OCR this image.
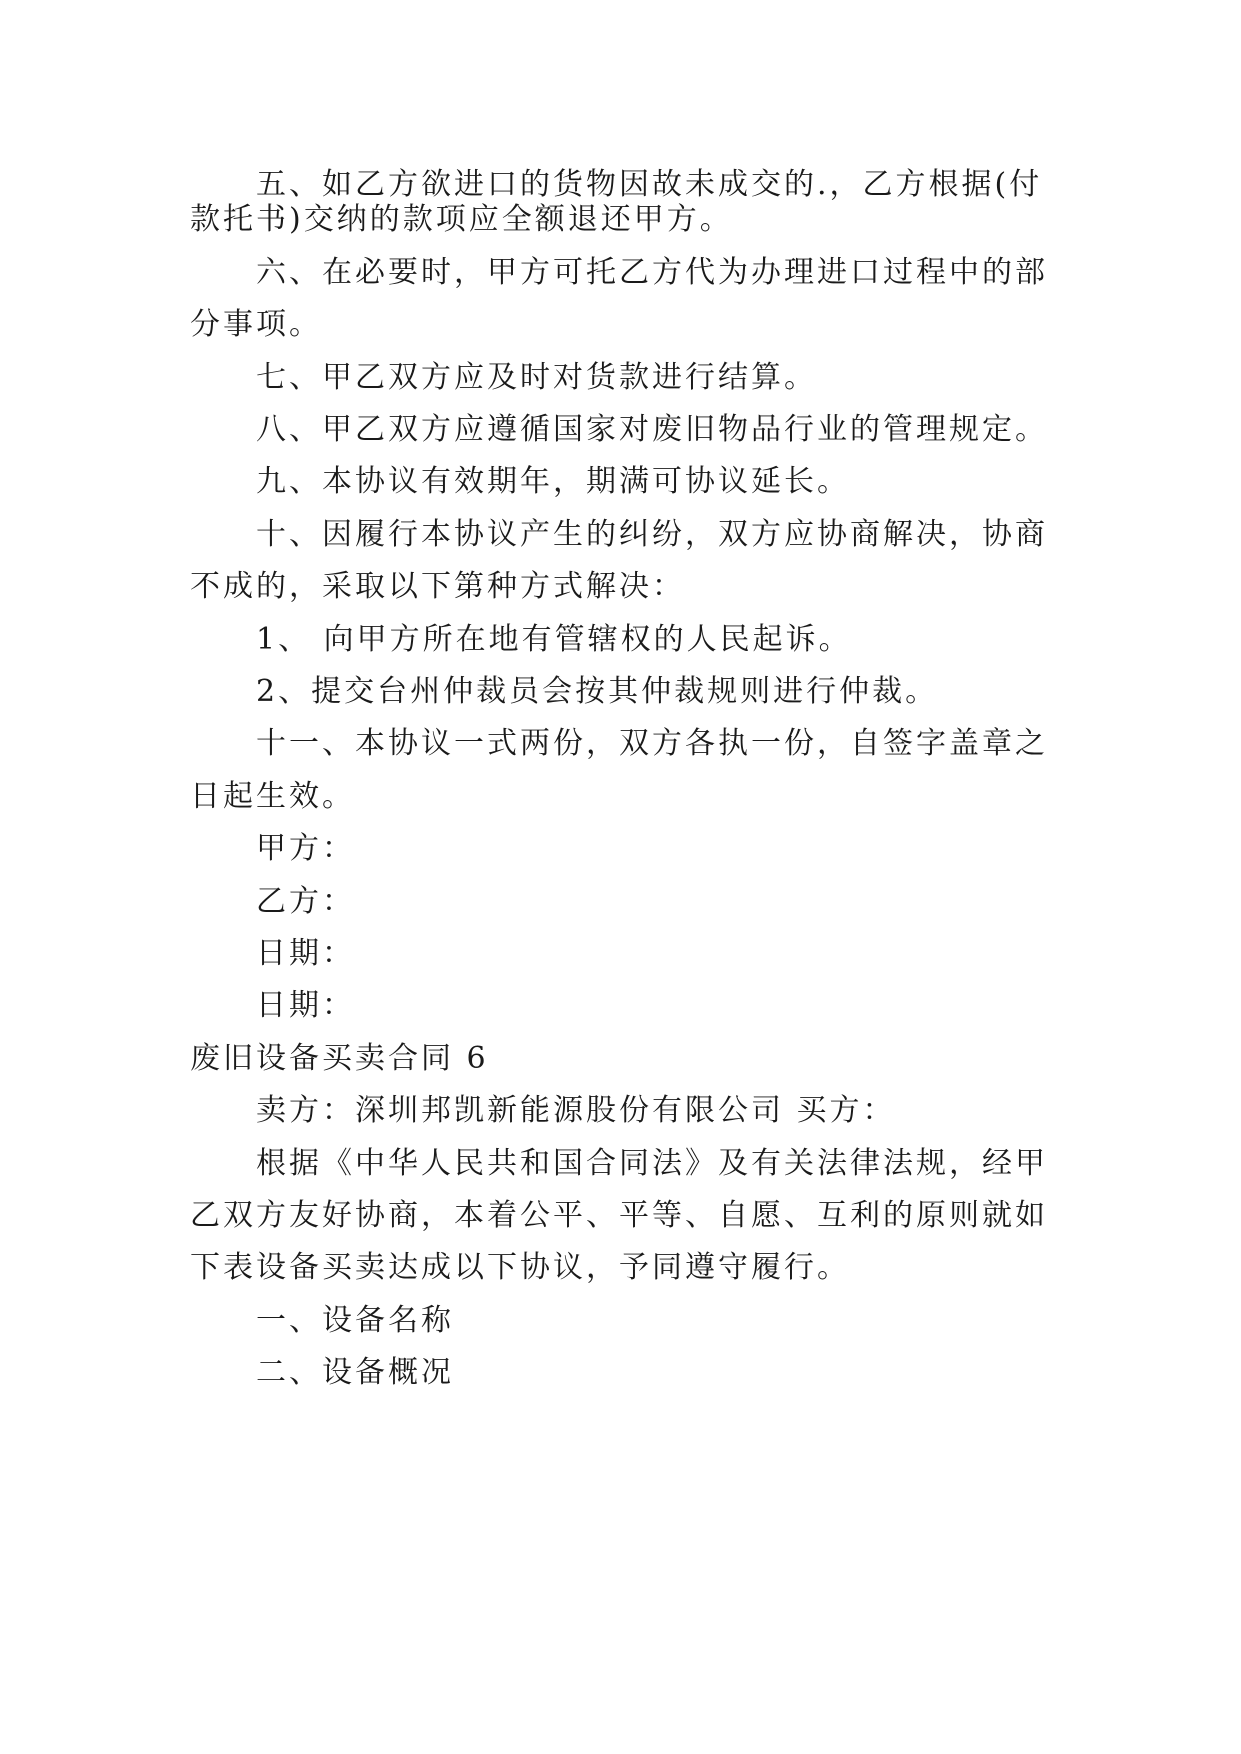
五、如乙方欲进口的货物因故未成交的.，乙方根据(付
款托书)交纳的款项应全额退还甲方。
六、在必要时，甲方可托乙方代为办理进口过程中的部
分事项。
七、甲乙双方应及时对货款进行结算。
八、甲乙双方应遵循国家对废旧物品行业的管理规定。
九、本协议有效期年，期满可协议延长。
十、因履行本协议产生的纠纷，双方应协商解决，协商
不成的，采取以下第种方式解决：
1、 向甲方所在地有管辖权的人民起诉。
2、提交台州仲裁员会按其仲裁规则进行仲裁。
十一、本协议一式两份，双方各执一份，自签字盖章之
日起生效。
甲方：
乙方：
日期：
日期：
废旧设备买卖合同 6
卖方：深圳邦凯新能源股份有限公司 买方：
根据《中华人民共和国合同法》及有关法律法规，经甲
乙双方友好协商，本着公平、平等、自愿、互利的原则就如
下表设备买卖达成以下协议，予同遵守履行。
一、设备名称
二、设备概况
